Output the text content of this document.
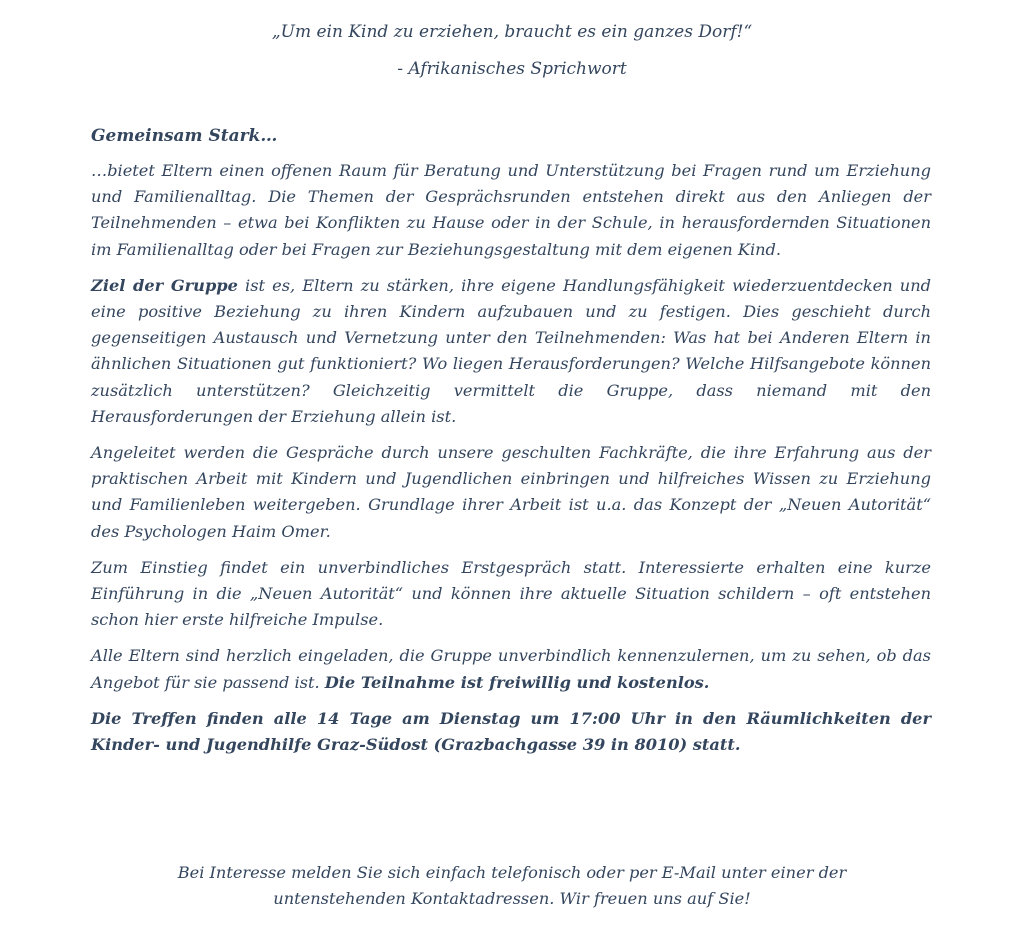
„Um ein Kind zu erziehen, braucht es ein ganzes Dorf!“

- Afrikanisches Sprichwort

Gemeinsam Stark…

…bietet Eltern einen offenen Raum für Beratung und Unterstützung bei Fragen rund um Erziehung und Familienalltag. Die Themen der Gesprächsrunden entstehen direkt aus den Anliegen der Teilnehmenden – etwa bei Konflikten zu Hause oder in der Schule, in herausfordernden Situationen im Familienalltag oder bei Fragen zur Beziehungsgestaltung mit dem eigenen Kind.

Ziel der Gruppe ist es, Eltern zu stärken, ihre eigene Handlungsfähigkeit wiederzuentdecken und eine positive Beziehung zu ihren Kindern aufzubauen und zu festigen. Dies geschieht durch gegenseitigen Austausch und Vernetzung unter den Teilnehmenden: Was hat bei Anderen Eltern in ähnlichen Situationen gut funktioniert? Wo liegen Herausforderungen? Welche Hilfsangebote können zusätzlich unterstützen? Gleichzeitig vermittelt die Gruppe, dass niemand mit den Herausforderungen der Erziehung allein ist.

Angeleitet werden die Gespräche durch unsere geschulten Fachkräfte, die ihre Erfahrung aus der praktischen Arbeit mit Kindern und Jugendlichen einbringen und hilfreiches Wissen zu Erziehung und Familienleben weitergeben. Grundlage ihrer Arbeit ist u.a. das Konzept der „Neuen Autorität“ des Psychologen Haim Omer.

Zum Einstieg findet ein unverbindliches Erstgespräch statt. Interessierte erhalten eine kurze Einführung in die „Neuen Autorität“ und können ihre aktuelle Situation schildern – oft entstehen schon hier erste hilfreiche Impulse.

Alle Eltern sind herzlich eingeladen, die Gruppe unverbindlich kennenzulernen, um zu sehen, ob das Angebot für sie passend ist. Die Teilnahme ist freiwillig und kostenlos.

Die Treffen finden alle 14 Tage am Dienstag um 17:00 Uhr in den Räumlichkeiten der Kinder- und Jugendhilfe Graz-Südost (Grazbachgasse 39 in 8010) statt.

Bei Interesse melden Sie sich einfach telefonisch oder per E-Mail unter einer der untenstehenden Kontaktadressen. Wir freuen uns auf Sie!
